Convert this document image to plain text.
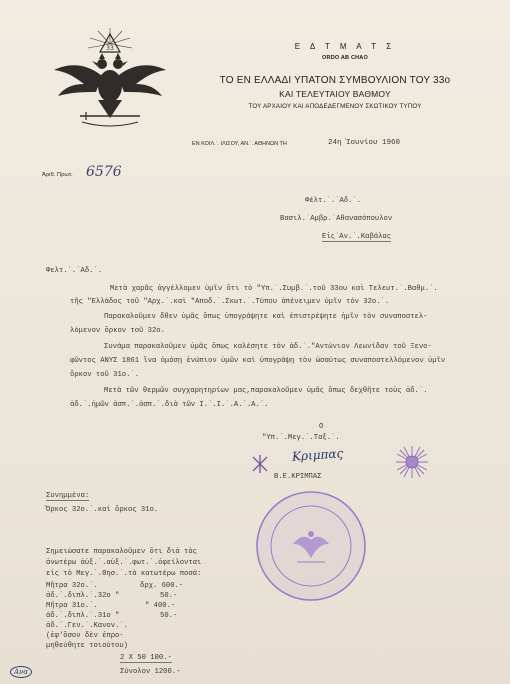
33	Ε Δ Τ Μ Α Τ Σ
ORDO AB CHAO
ΤΟ ΕΝ ΕΛΛΑΔΙ ΥΠΑΤΟΝ ΣΥΜΒΟΥΛΙΟΝ ΤΟΥ 33ο
ΚΑΙ ΤΕΛΕΥΤΑΙΟΥ ΒΑΘΜΟΥ
ΤΟΥ ΑΡΧΑΙΟΥ ΚΑΙ ΑΠΟΔΕΔΕΓΜΕΝΟΥ ΣΚΩΤΙΚΟΥ ΤΥΠΟΥ
ΕΝ ΚΟΙΛ.˙. ΙΛΙΣΟΥ, ΑΝ.˙. ΑΘΗΝΩΝ ΤΗ	24η Ἰουνίου 1960
Ἀριθ. Πρωτ. 6576
Φέλτ.˙.˙Αδ.˙.
Βασιλ.˙Αμβρ.˙Αθανασόπουλον
Εἰς˙Αν.˙.Καβάλας
Φελτ.˙.˙Αδ.˙.
Μετὰ χαρᾶς ἀγγέλλομεν ὑμῖν ὅτι τὸ "Υπ.˙.Συμβ.˙.τοῦ 33ου καὶ Τελευτ.˙.Βαθμ.˙.
τῆς "Ελλάδος τοῦ "Αρχ.˙.καὶ "Αποδ.˙.Σκωτ.˙.Τύπου ἀπένειμεν ὑμῖν τὸν 32ο.˙.
Παρακαλοῦμεν δθεν ὑμᾶς ὅπως ὑπογράψητε καὶ ἐπιστρέψητε ἡμῖν τὸν συναποστελ-
λόμενον ὅρκον τοῦ 32ο.
Συνάμα παρακαλοῦμεν ὑμᾶς ὅπως καλέσητε τὸν ἀδ.˙."Αντώνιον Λεωνίδαν τοῦ Ξενο-
φῶντος ΑΝΥΣ 1861 ἵνα ὁμόσῃ ἐνώπιον ὑμῶν καὶ ὑπογράψῃ τὸν ὡσαύτως συναποστελλόμενον ὑμῖν
ὅρκον τοῦ 31ο.˙.
Μετὰ τῶν θερμῶν συγχαρητηρίων μας,παρακαλοῦμεν ὑμᾶς ὅπως δεχθῆτε τοὺς ἀδ.˙.
ἀδ.˙.ἡμῶν ἀσπ.˙.ἀσπ.˙.διὰ τῶν Ι.˙.Ι.˙.Α.˙.Α.˙.
Ο
"Υπ.˙.Μεγ.˙.Ταξ.˙.
Κριμπας
Β.Ε.ΚΡΙΜΠΑΣ
Συνημμένα:
Ὅρκος 32ο.˙.καὶ ὅρκος 31ο.
Σημειώσατε παρακαλοῦμεν ὅτι διὰ τὰς
ἀνωτέρω ἀὐξ.˙.αὐξ.˙.φωτ.˙.ὀφείλονται
εἰς τὸ Μεγ.˙.Θησ.˙.τὰ κατωτέρω ποσά:
Μῆτρα 32ο.˙.	δρχ. 600.-
ἀδ.˙.διπλ.˙.32ο "	50.-
Μῆτρα 31ο.˙.	" 400.-
ἀδ.˙.διπλ.˙.31ο "	50.-
ἀδ.˙.Γεν.˙.Κανον.˙.
(ἐφ'ὅσον δὲν ἐπρο-
μηθεύθητε τοιούτου)
2 Χ 50 100.-
Σύνολον 1200.-
Ανα
